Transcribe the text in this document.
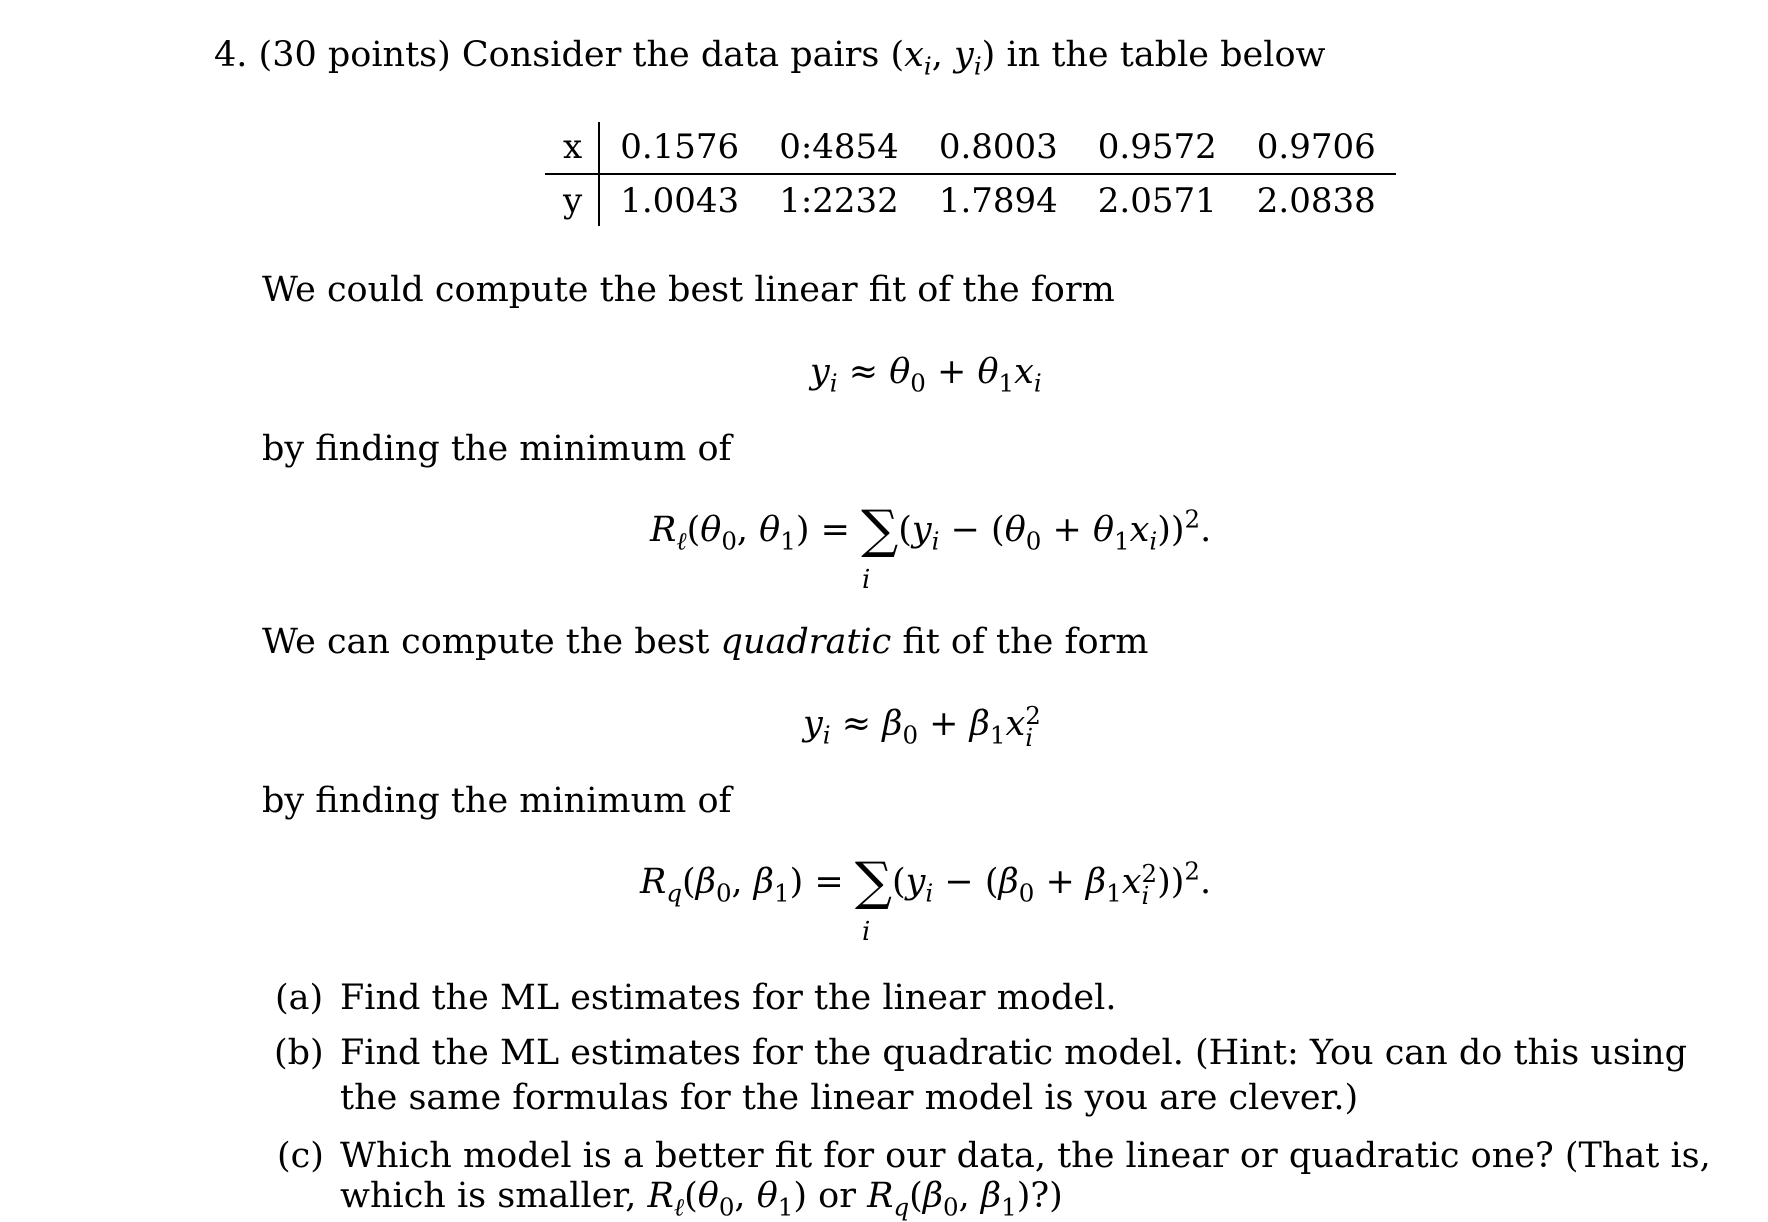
4. (30 points) Consider the data pairs ($x_i$, $y_i$) in the table below
x	0.1576	0:4854	0.8003	0.9572	0.9706
y	1.0043	1:2232	1.7894	2.0571	2.0838
We could compute the best linear fit of the form
$y_i \approx \theta_0 + \theta_1x_i$
by finding the minimum of
$R_\ell(\theta_0$, $\theta_1) = \sum(y_i - (\theta_0 + \theta_1x_i))^2$.
i
We can compute the best quadratic fit of the form
$y_i \approx \beta_0 + \beta_1x$ 2
i
by finding the minimum of
$R_q(\beta_0$, $\beta_1) = \sum(y_i - (\beta_0 + \beta_1x$ 2
i ))$^2$.
i
(a) Find the ML estimates for the linear model.
(b) Find the ML estimates for the quadratic model. (Hint: You can do this using
the same formulas for the linear model is you are clever.)
(c) Which model is a better fit for our data, the linear or quadratic one? (That is,
which is smaller, $R_\ell(\theta_0$, $\theta_1$) or $R_q(\beta_0$, $\beta_1$)?)
